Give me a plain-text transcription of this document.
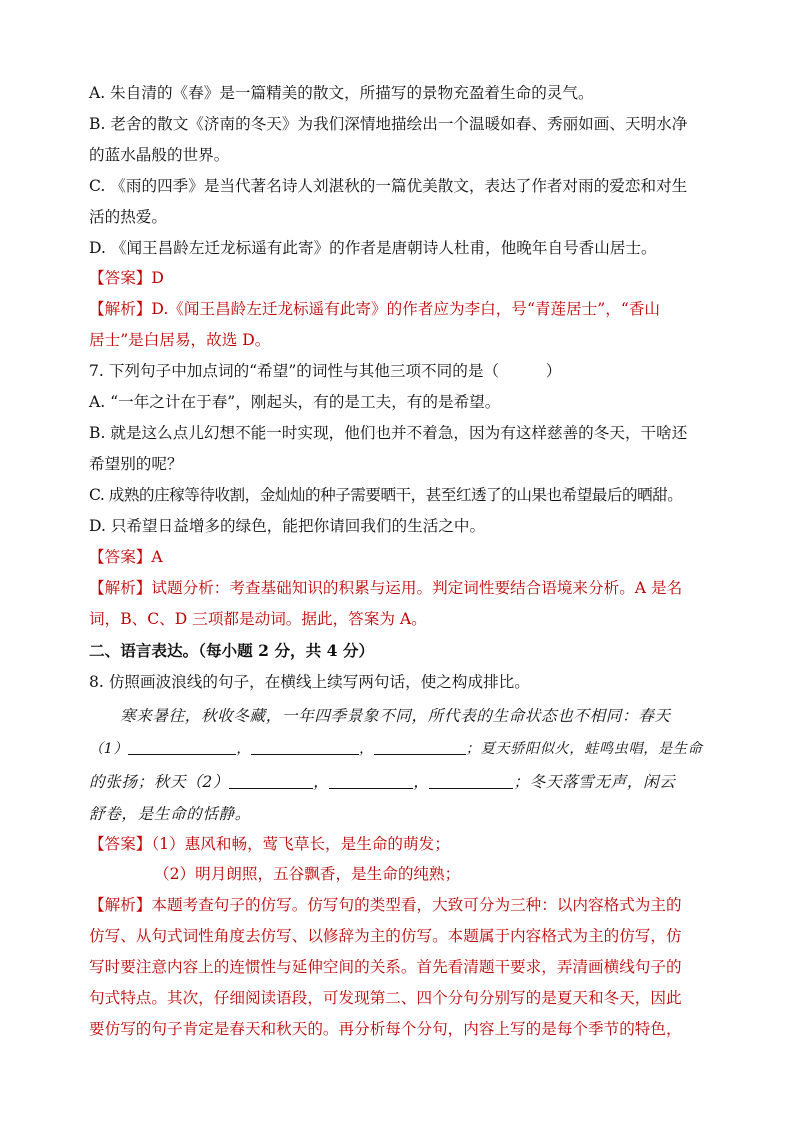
A. 朱自清的《春》是一篇精美的散文，所描写的景物充盈着生命的灵气。
B. 老舍的散文《济南的冬天》为我们深情地描绘出一个温暖如春、秀丽如画、天明水净
的蓝水晶般的世界。
C. 《雨的四季》是当代著名诗人刘湛秋的一篇优美散文，表达了作者对雨的爱恋和对生
活的热爱。
D. 《闻王昌龄左迁龙标遥有此寄》的作者是唐朝诗人杜甫，他晚年自号香山居士。
【答案】D
【解析】D.《闻王昌龄左迁龙标遥有此寄》的作者应为李白，号“青莲居士”，“香山
居士”是白居易，故选 D。
7. 下列句子中加点词的“希望”的词性与其他三项不同的是（　　　）
A. “一年之计在于春”，刚起头，有的是工夫，有的是希望。
B. 就是这么点儿幻想不能一时实现，他们也并不着急，因为有这样慈善的冬天，干啥还
希望别的呢？
C. 成熟的庄稼等待收割，金灿灿的种子需要晒干，甚至红透了的山果也希望最后的晒甜。
D. 只希望日益增多的绿色，能把你请回我们的生活之中。
【答案】A
【解析】试题分析：考查基础知识的积累与运用。判定词性要结合语境来分析。A 是名
词，B、C、D 三项都是动词。据此，答案为 A。
二、语言表达。（每小题 2 分，共 4 分）
8. 仿照画波浪线的句子，在横线上续写两句话，使之构成排比。
寒来暑往，秋收冬藏，一年四季景象不同，所代表的生命状态也不相同：春天
（1）	，	，	；夏天骄阳似火，蛙鸣虫唱，是生命
的张扬；秋天（2）	，	，	；冬天落雪无声，闲云
舒卷，是生命的恬静。
【答案】（1）惠风和畅，莺飞草长，是生命的萌发；
（2）明月朗照，五谷飘香，是生命的纯熟；
【解析】本题考查句子的仿写。仿写句的类型看，大致可分为三种：以内容格式为主的
仿写、从句式词性角度去仿写、以修辞为主的仿写。本题属于内容格式为主的仿写，仿
写时要注意内容上的连惯性与延伸空间的关系。首先看清题干要求，弄清画横线句子的
句式特点。其次，仔细阅读语段，可发现第二、四个分句分别写的是夏天和冬天，因此
要仿写的句子肯定是春天和秋天的。再分析每个分句，内容上写的是每个季节的特色，
